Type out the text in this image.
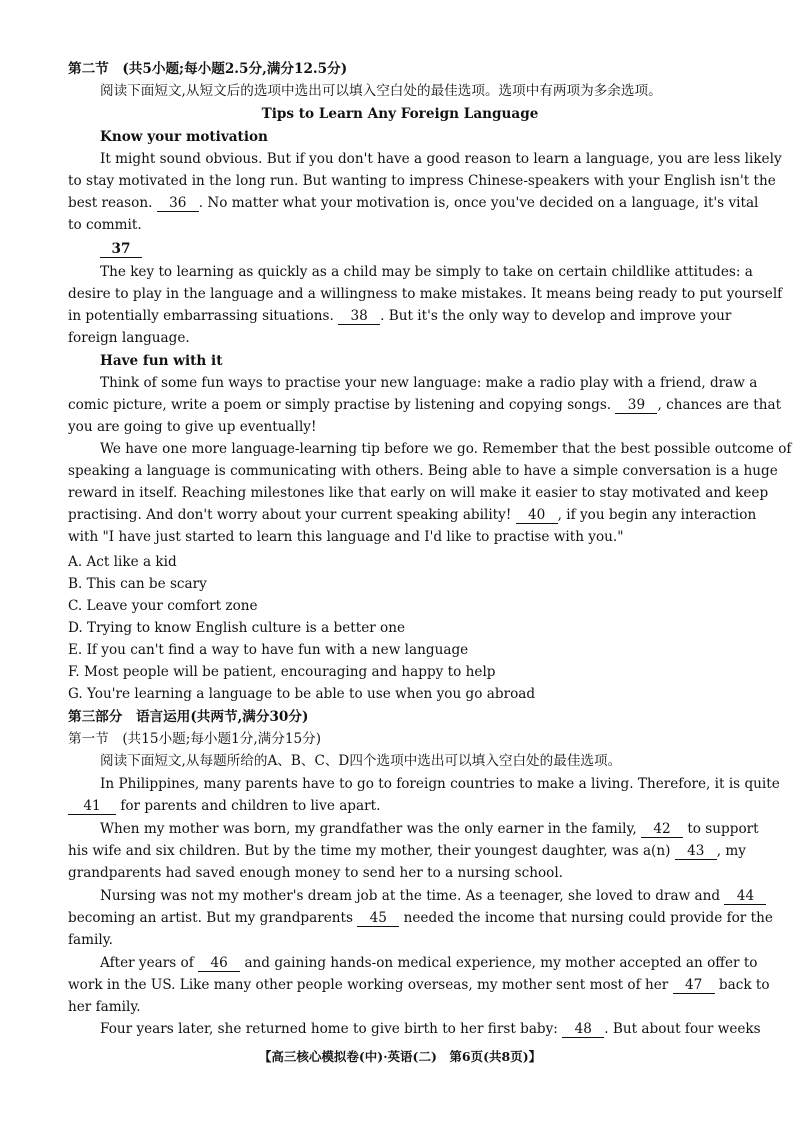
第二节　(共5小题;每小题2.5分,满分12.5分)
阅读下面短文,从短文后的选项中选出可以填入空白处的最佳选项。选项中有两项为多余选项。
Tips to Learn Any Foreign Language
Know your motivation
It might sound obvious. But if you don't have a good reason to learn a language, you are less likely
to stay motivated in the long run. But wanting to impress Chinese-speakers with your English isn't the
best reason. 36 . No matter what your motivation is, once you've decided on a language, it's vital
to commit.
37
The key to learning as quickly as a child may be simply to take on certain childlike attitudes: a
desire to play in the language and a willingness to make mistakes. It means being ready to put yourself
in potentially embarrassing situations. 38 . But it's the only way to develop and improve your
foreign language.
Have fun with it
Think of some fun ways to practise your new language: make a radio play with a friend, draw a
comic picture, write a poem or simply practise by listening and copying songs. 39 , chances are that
you are going to give up eventually!
We have one more language-learning tip before we go. Remember that the best possible outcome of
speaking a language is communicating with others. Being able to have a simple conversation is a huge
reward in itself. Reaching milestones like that early on will make it easier to stay motivated and keep
practising. And don't worry about your current speaking ability! 40 , if you begin any interaction
with "I have just started to learn this language and I'd like to practise with you."
A. Act like a kid
B. This can be scary
C. Leave your comfort zone
D. Trying to know English culture is a better one
E. If you can't find a way to have fun with a new language
F. Most people will be patient, encouraging and happy to help
G. You're learning a language to be able to use when you go abroad
第三部分　语言运用(共两节,满分30分)
第一节　(共15小题;每小题1分,满分15分)
阅读下面短文,从每题所给的A、B、C、D四个选项中选出可以填入空白处的最佳选项。
In Philippines, many parents have to go to foreign countries to make a living. Therefore, it is quite
41 for parents and children to live apart.
When my mother was born, my grandfather was the only earner in the family, 42 to support
his wife and six children. But by the time my mother, their youngest daughter, was a(n) 43 , my
grandparents had saved enough money to send her to a nursing school.
Nursing was not my mother's dream job at the time. As a teenager, she loved to draw and 44
becoming an artist. But my grandparents 45 needed the income that nursing could provide for the
family.
After years of 46 and gaining hands-on medical experience, my mother accepted an offer to
work in the US. Like many other people working overseas, my mother sent most of her 47 back to
her family.
Four years later, she returned home to give birth to her first baby: 48 . But about four weeks
【高三核心模拟卷(中)·英语(二)　第6页(共8页)】
